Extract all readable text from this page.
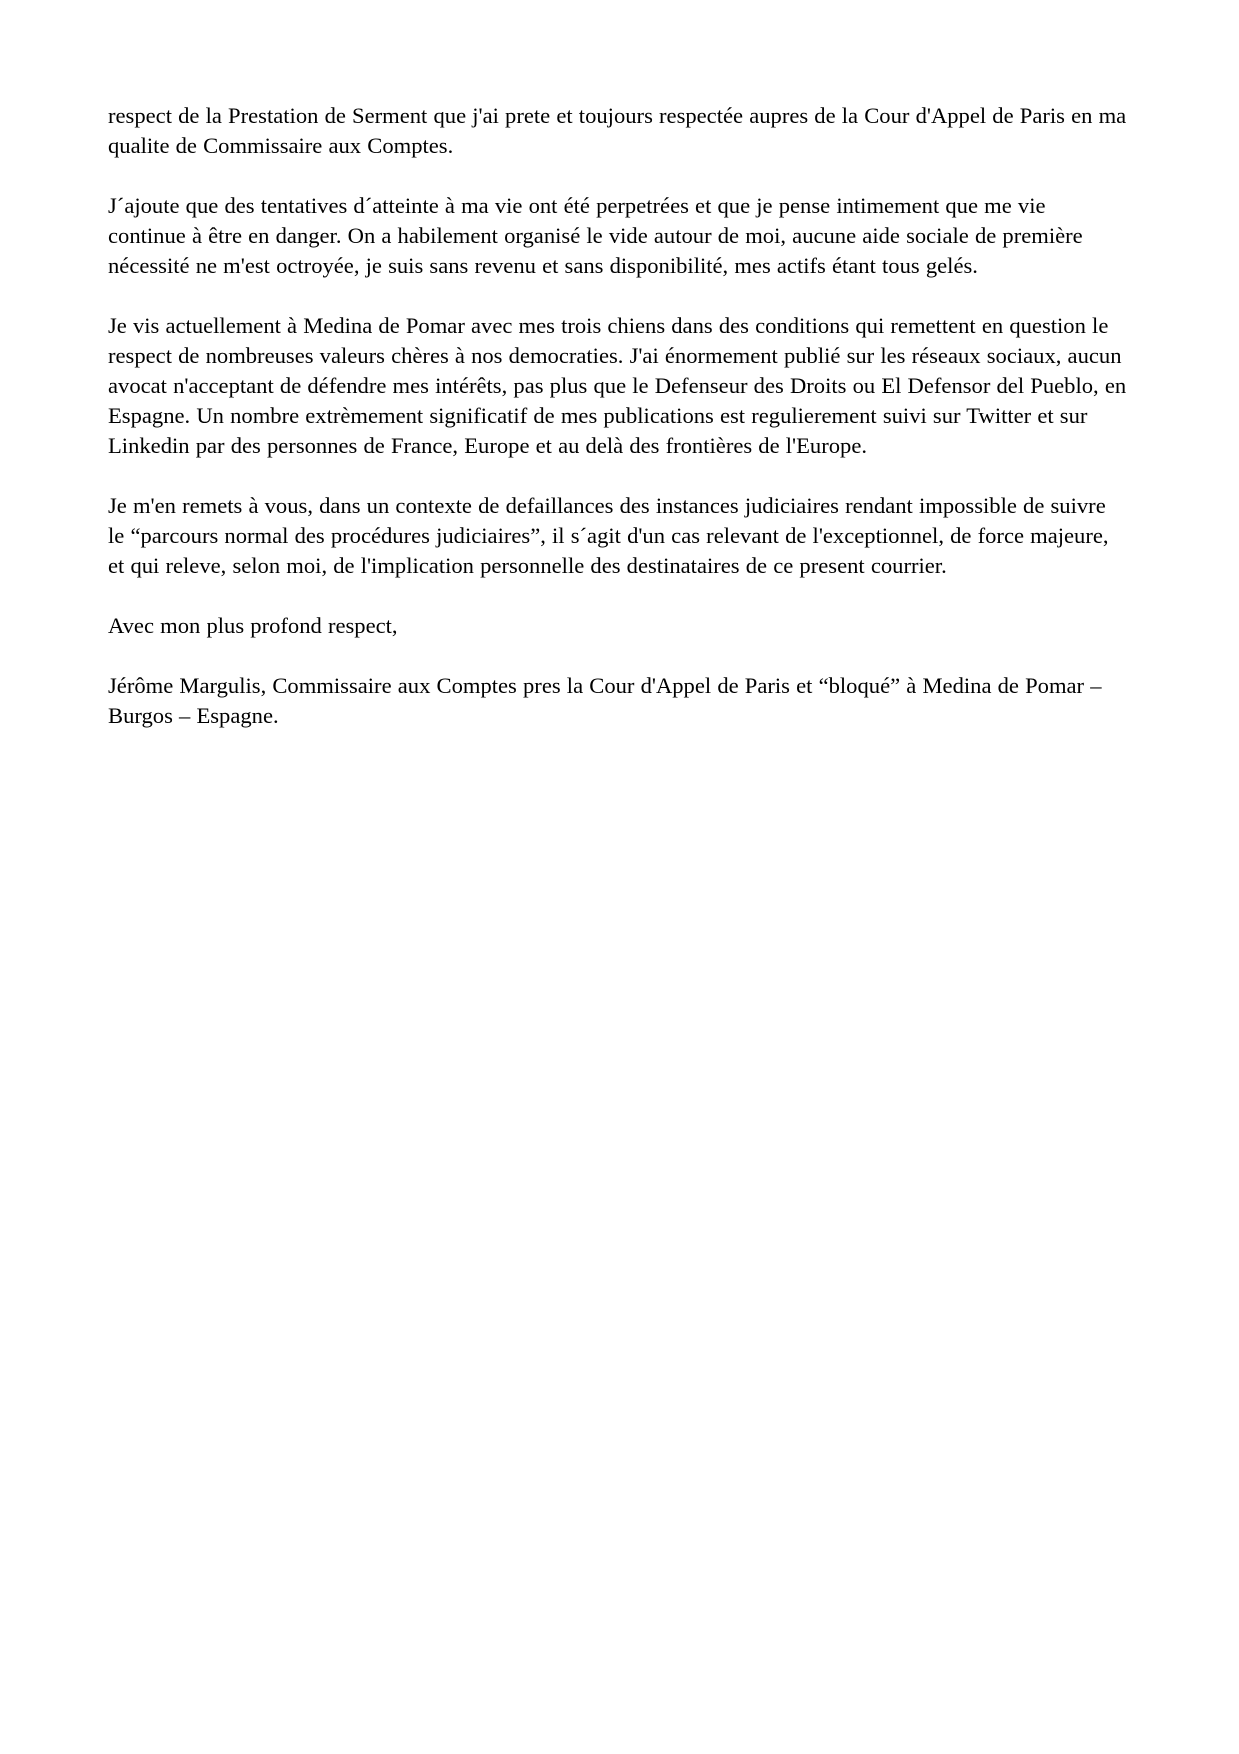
respect de la Prestation de Serment que j'ai prete et toujours respectée aupres de la Cour d'Appel de Paris en ma qualite de Commissaire aux Comptes.

J´ajoute que des tentatives d´atteinte à ma vie ont été perpetrées et que je pense intimement que me vie continue à être en danger. On a habilement organisé le vide autour de moi, aucune aide sociale de première nécessité ne m'est octroyée, je suis sans revenu et sans disponibilité, mes actifs étant tous gelés.

Je vis actuellement à Medina de Pomar avec mes trois chiens dans des conditions qui remettent en question le respect de nombreuses valeurs chères à nos democraties. J'ai énormement publié sur les réseaux sociaux, aucun avocat n'acceptant de défendre mes intérêts, pas plus que le Defenseur des Droits ou El Defensor del Pueblo, en Espagne. Un nombre extrèmement significatif de mes publications est regulierement suivi sur Twitter et sur Linkedin par des personnes de France, Europe et au delà des frontières de l'Europe.

Je m'en remets à vous, dans un contexte de defaillances des instances judiciaires rendant impossible de suivre le “parcours normal des procédures judiciaires”, il s´agit d'un cas relevant de l'exceptionnel, de force majeure, et qui releve, selon moi, de l'implication personnelle des destinataires de ce present courrier.

Avec mon plus profond respect,

Jérôme Margulis, Commissaire aux Comptes pres la Cour d'Appel de Paris et “bloqué” à Medina de Pomar – Burgos – Espagne.
